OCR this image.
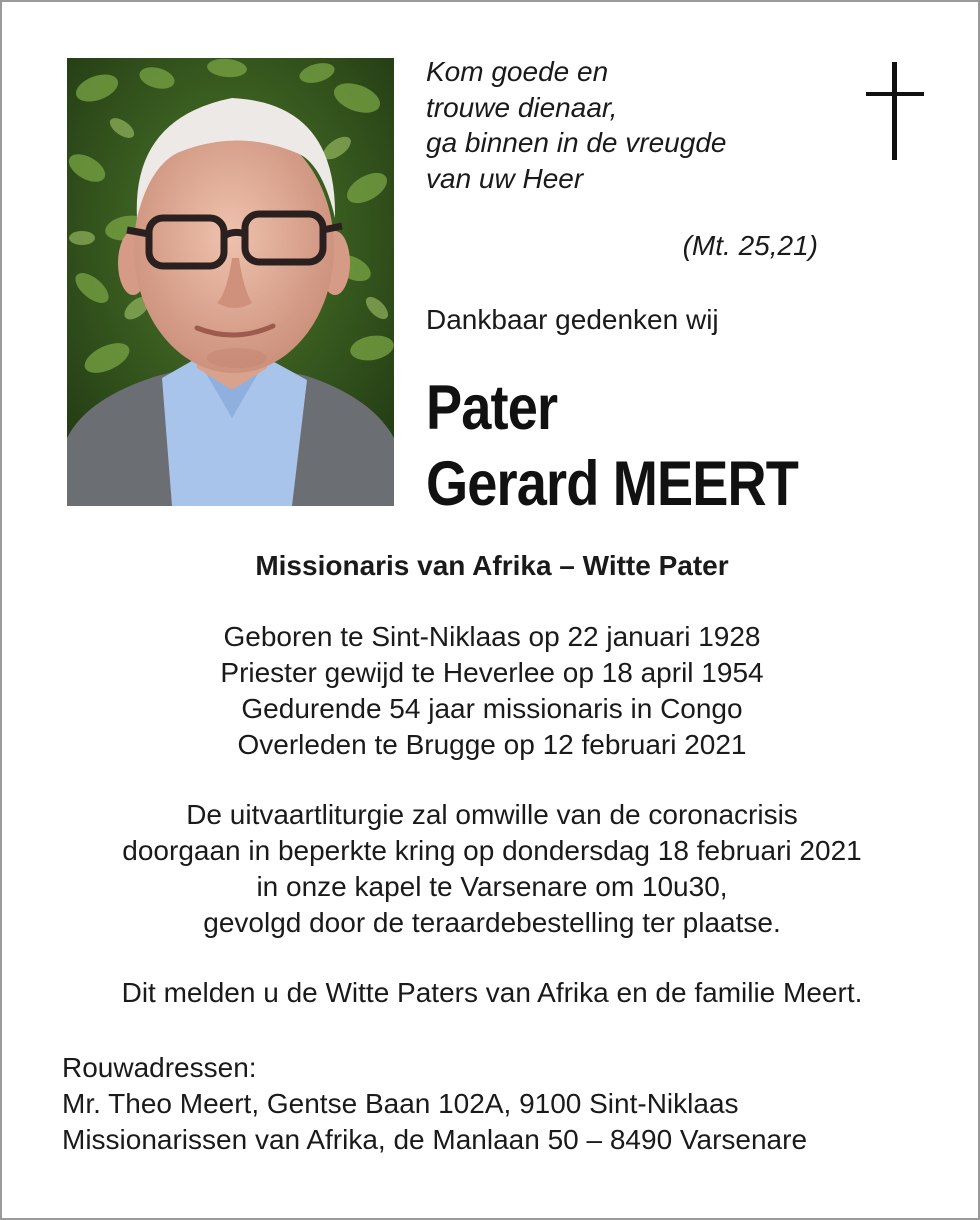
Kom goede en
trouwe dienaar,
ga binnen in de vreugde
van uw Heer
(Mt. 25,21)
Dankbaar gedenken wij
Pater
Gerard MEERT
Missionaris van Afrika – Witte Pater
Geboren te Sint-Niklaas op 22 januari 1928
Priester gewijd te Heverlee op 18 april 1954
Gedurende 54 jaar missionaris in Congo
Overleden te Brugge op 12 februari 2021
De uitvaartliturgie zal omwille van de coronacrisis
doorgaan in beperkte kring op dondersdag 18 februari 2021
in onze kapel te Varsenare om 10u30,
gevolgd door de teraardebestelling ter plaatse.
Dit melden u de Witte Paters van Afrika en de familie Meert.
Rouwadressen:
Mr. Theo Meert, Gentse Baan 102A, 9100 Sint-Niklaas
Missionarissen van Afrika, de Manlaan 50 – 8490 Varsenare
